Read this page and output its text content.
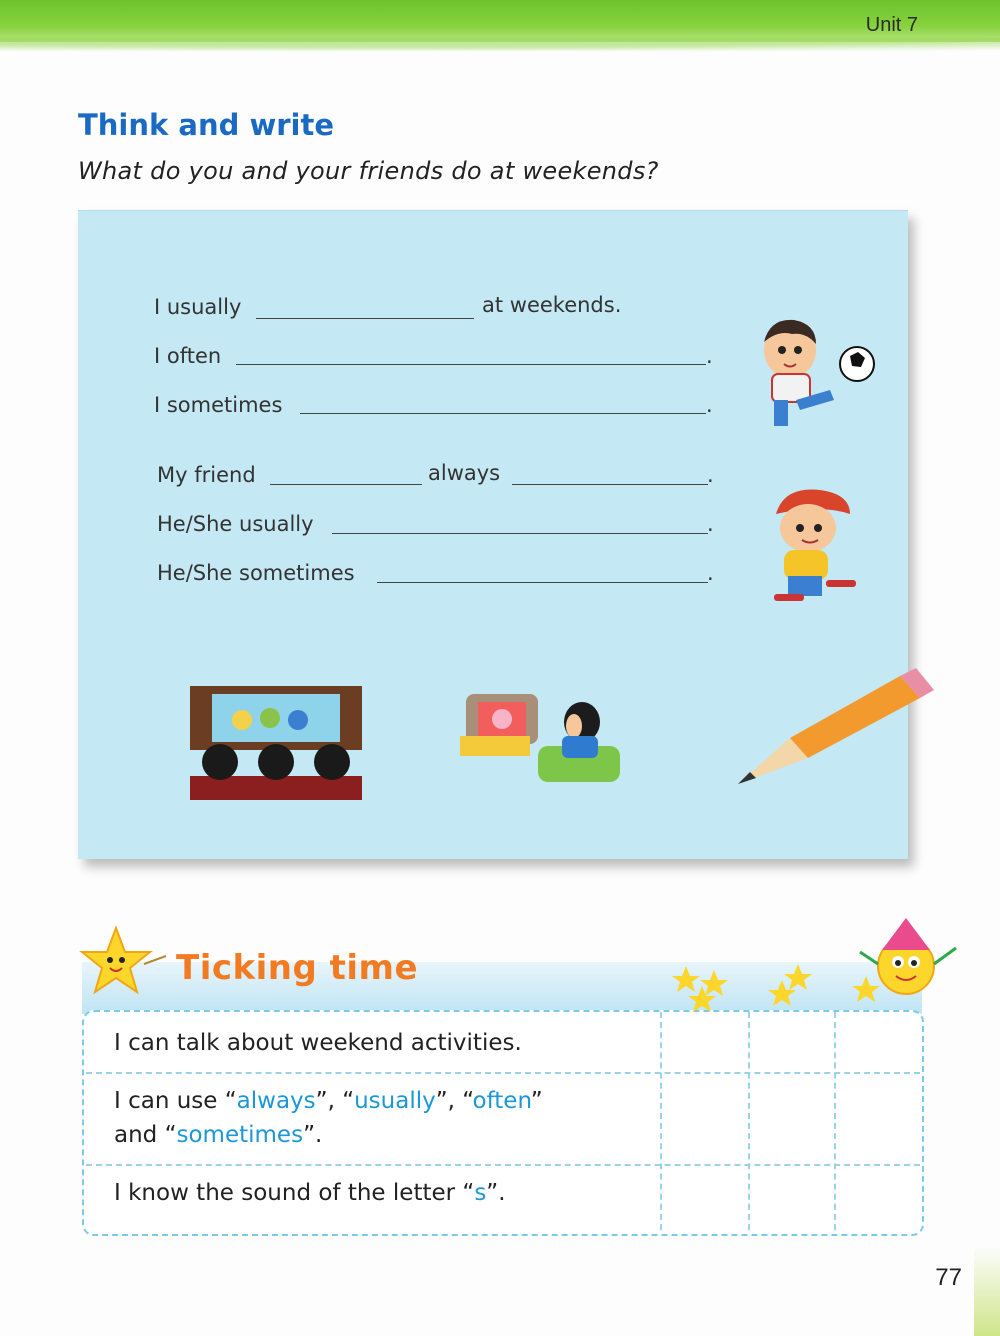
Unit 7
Think and write
What do you and your friends do at weekends?
I usually	at weekends.
I often	.
I sometimes	.
My friend	always	.
He/She usually	.
He/She sometimes	.
Ticking time
I can talk about weekend activities.
I can use “always”, “usually”, “often”
and “sometimes”.
I know the sound of the letter “s”.
77
